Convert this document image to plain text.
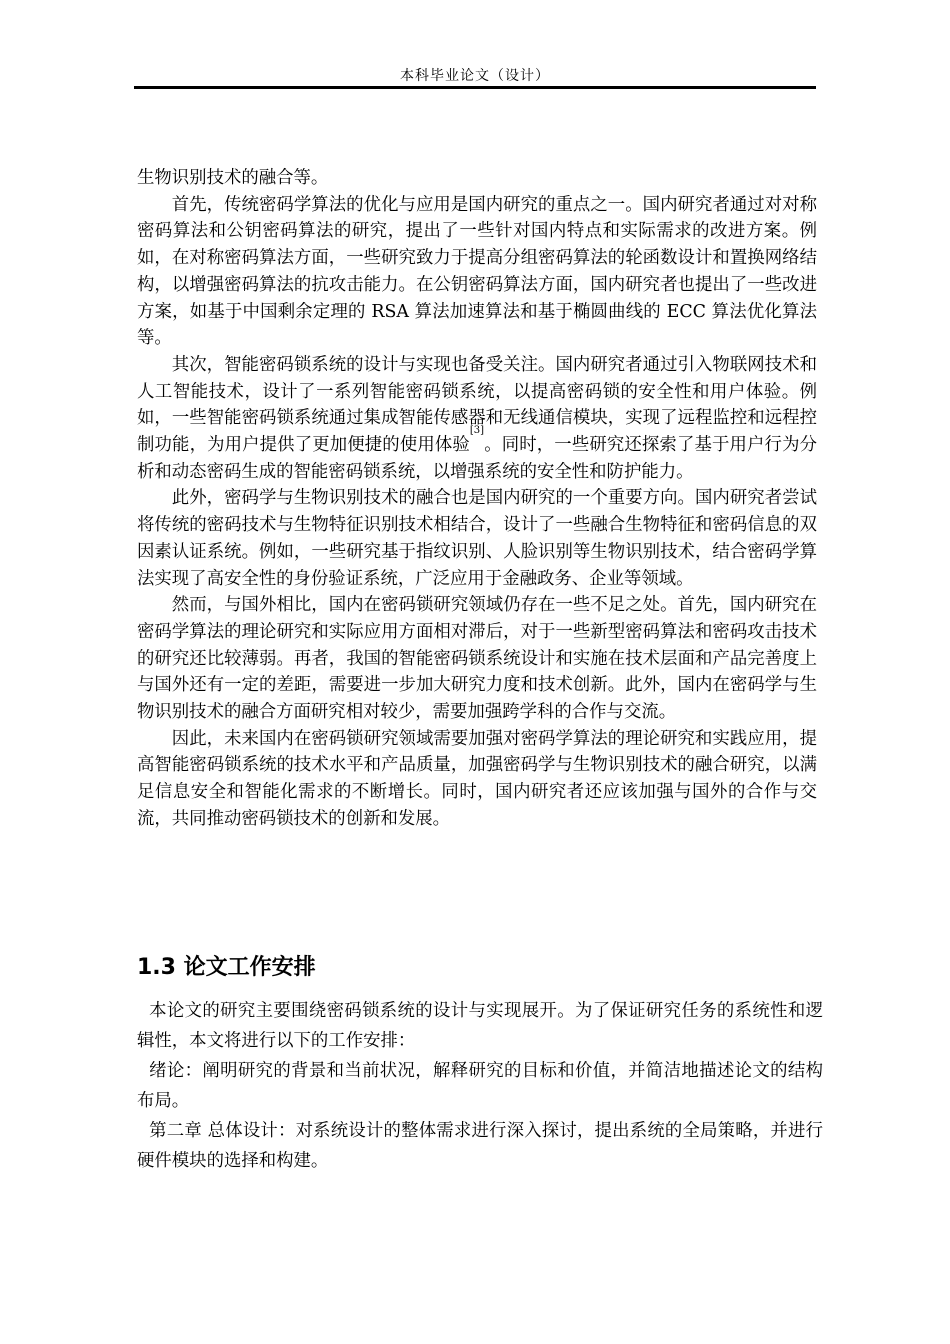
本科毕业论文（设计）

生物识别技术的融合等。

首先，传统密码学算法的优化与应用是国内研究的重点之一。国内研究者通过对对称密码算法和公钥密码算法的研究，提出了一些针对国内特点和实际需求的改进方案。例如，在对称密码算法方面，一些研究致力于提高分组密码算法的轮函数设计和置换网络结构，以增强密码算法的抗攻击能力。在公钥密码算法方面，国内研究者也提出了一些改进方案，如基于中国剩余定理的 RSA 算法加速算法和基于椭圆曲线的 ECC 算法优化算法等。

其次，智能密码锁系统的设计与实现也备受关注。国内研究者通过引入物联网技术和人工智能技术，设计了一系列智能密码锁系统，以提高密码锁的安全性和用户体验。例如，一些智能密码锁系统通过集成智能传感器和无线通信模块，实现了远程监控和远程控制功能，为用户提供了更加便捷的使用体验[3]。同时，一些研究还探索了基于用户行为分析和动态密码生成的智能密码锁系统，以增强系统的安全性和防护能力。

此外，密码学与生物识别技术的融合也是国内研究的一个重要方向。国内研究者尝试将传统的密码技术与生物特征识别技术相结合，设计了一些融合生物特征和密码信息的双因素认证系统。例如，一些研究基于指纹识别、人脸识别等生物识别技术，结合密码学算法实现了高安全性的身份验证系统，广泛应用于金融政务、企业等领域。

然而，与国外相比，国内在密码锁研究领域仍存在一些不足之处。首先，国内研究在密码学算法的理论研究和实际应用方面相对滞后，对于一些新型密码算法和密码攻击技术的研究还比较薄弱。再者，我国的智能密码锁系统设计和实施在技术层面和产品完善度上与国外还有一定的差距，需要进一步加大研究力度和技术创新。此外，国内在密码学与生物识别技术的融合方面研究相对较少，需要加强跨学科的合作与交流。

因此，未来国内在密码锁研究领域需要加强对密码学算法的理论研究和实践应用，提高智能密码锁系统的技术水平和产品质量，加强密码学与生物识别技术的融合研究，以满足信息安全和智能化需求的不断增长。同时，国内研究者还应该加强与国外的合作与交流，共同推动密码锁技术的创新和发展。

1.3 论文工作安排

本论文的研究主要围绕密码锁系统的设计与实现展开。为了保证研究任务的系统性和逻辑性，本文将进行以下的工作安排：

绪论：阐明研究的背景和当前状况，解释研究的目标和价值，并简洁地描述论文的结构布局。

第二章 总体设计：对系统设计的整体需求进行深入探讨，提出系统的全局策略，并进行硬件模块的选择和构建。
